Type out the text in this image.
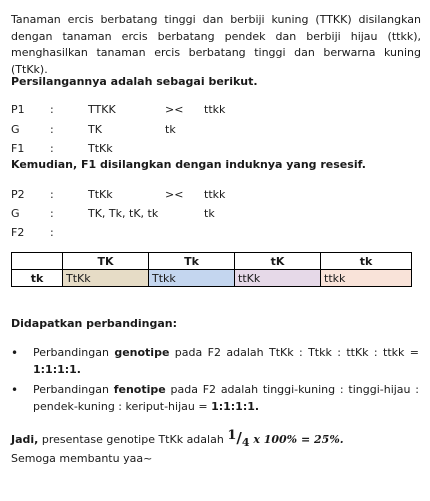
Tanaman ercis berbatang tinggi dan berbiji kuning (TTKK) disilangkan dengan tanaman ercis berbatang pendek dan berbiji hijau (ttkk), menghasilkan tanaman ercis berbatang tinggi dan berwarna kuning (TtKk).
Persilangannya adalah sebagai berikut.
P1 :	TTKK	>< ttkk
G	:	TK	tk
F1 :	TtKk
Kemudian, F1 disilangkan dengan induknya yang resesif.
P2 :	TtKk	>< ttkk
G	:	TK, Tk, tK, tk	tk
F2 :
	TK	Tk	tK	tk
tk	TtKk	Ttkk	ttKk	ttkk
Didapatkan perbandingan:
• Perbandingan genotipe pada F2 adalah TtKk : Ttkk : ttKk : ttkk = 1:1:1:1.
• Perbandingan fenotipe pada F2 adalah tinggi-kuning : tinggi-hijau : pendek-kuning : keriput-hijau = 1:1:1:1.
Jadi, presentase genotipe TtKk adalah $^1/_4$ x 100% = 25%.
Semoga membantu yaa~
